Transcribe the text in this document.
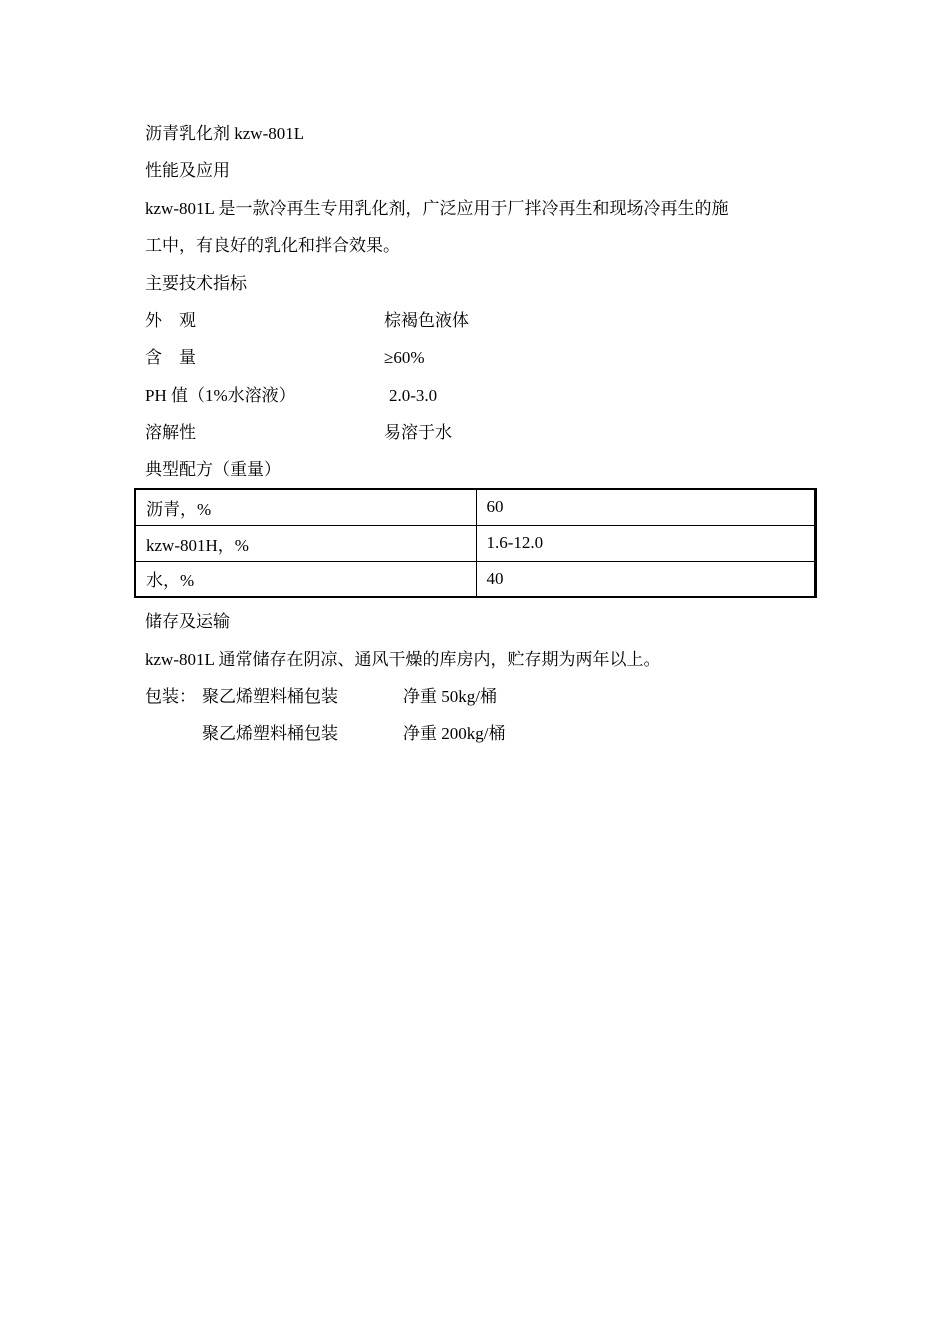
沥青乳化剂 kzw-801L
性能及应用
kzw-801L 是一款冷再生专用乳化剂，广泛应用于厂拌冷再生和现场冷再生的施
工中，有良好的乳化和拌合效果。
主要技术指标
外　观	棕褐色液体
含　量	≥60%
PH 值（1%水溶液）	2.0-3.0
溶解性	易溶于水
典型配方（重量）
沥青，%	60
kzw-801H，%	1.6-12.0
水，%	40
储存及运输
kzw-801L 通常储存在阴凉、通风干燥的库房内，贮存期为两年以上。
包装： 聚乙烯塑料桶包装	净重 50kg/桶
聚乙烯塑料桶包装	净重 200kg/桶
